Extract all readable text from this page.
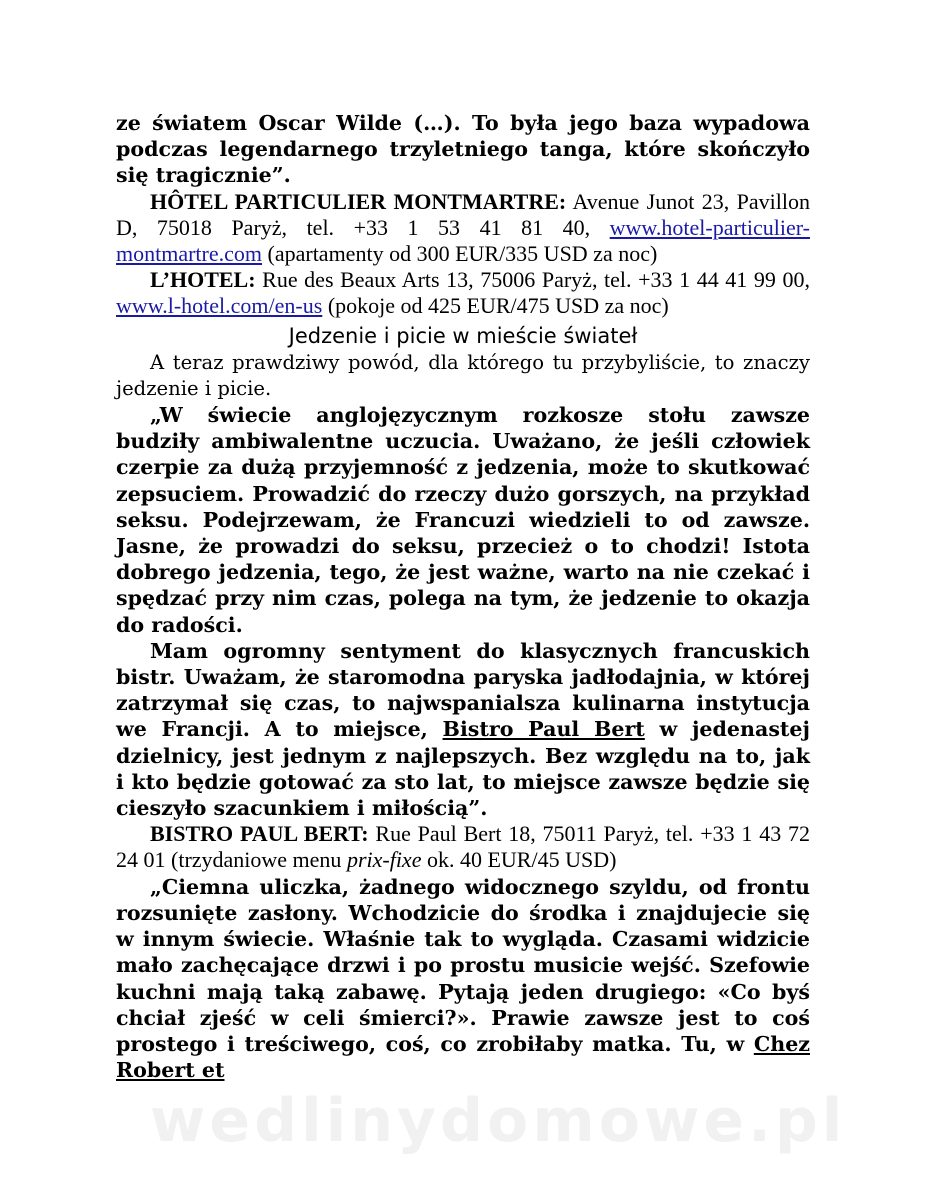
ze światem Oscar Wilde (…). To była jego baza wypadowa podczas legendarnego trzyletniego tanga, które skończyło się tragicznie”.

HÔTEL PARTICULIER MONTMARTRE: Avenue Junot 23, Pavillon D, 75018 Paryż, tel. +33 1 53 41 81 40, www.hotel-particulier-montmartre.com (apartamenty od 300 EUR/335 USD za noc)

L’HOTEL: Rue des Beaux Arts 13, 75006 Paryż, tel. +33 1 44 41 99 00, www.l-hotel.com/en-us (pokoje od 425 EUR/475 USD za noc)

Jedzenie i picie w mieście świateł

A teraz prawdziwy powód, dla którego tu przybyliście, to znaczy jedzenie i picie.

„W świecie anglojęzycznym rozkosze stołu zawsze budziły ambiwalentne uczucia. Uważano, że jeśli człowiek czerpie za dużą przyjemność z jedzenia, może to skutkować zepsuciem. Prowadzić do rzeczy dużo gorszych, na przykład seksu. Podejrzewam, że Francuzi wiedzieli to od zawsze. Jasne, że prowadzi do seksu, przecież o to chodzi! Istota dobrego jedzenia, tego, że jest ważne, warto na nie czekać i spędzać przy nim czas, polega na tym, że jedzenie to okazja do radości.

Mam ogromny sentyment do klasycznych francuskich bistr. Uważam, że staromodna paryska jadłodajnia, w której zatrzymał się czas, to najwspanialsza kulinarna instytucja we Francji. A to miejsce, Bistro Paul Bert w jedenastej dzielnicy, jest jednym z najlepszych. Bez względu na to, jak i kto będzie gotować za sto lat, to miejsce zawsze będzie się cieszyło szacunkiem i miłością”.

BISTRO PAUL BERT: Rue Paul Bert 18, 75011 Paryż, tel. +33 1 43 72 24 01 (trzydaniowe menu prix-fixe ok. 40 EUR/45 USD)

„Ciemna uliczka, żadnego widocznego szyldu, od frontu rozsunięte zasłony. Wchodzicie do środka i znajdujecie się w innym świecie. Właśnie tak to wygląda. Czasami widzicie mało zachęcające drzwi i po prostu musicie wejść. Szefowie kuchni mają taką zabawę. Pytają jeden drugiego: «Co byś chciał zjeść w celi śmierci?». Prawie zawsze jest to coś prostego i treściwego, coś, co zrobiłaby matka. Tu, w Chez Robert et

wedlinydomowe.pl
